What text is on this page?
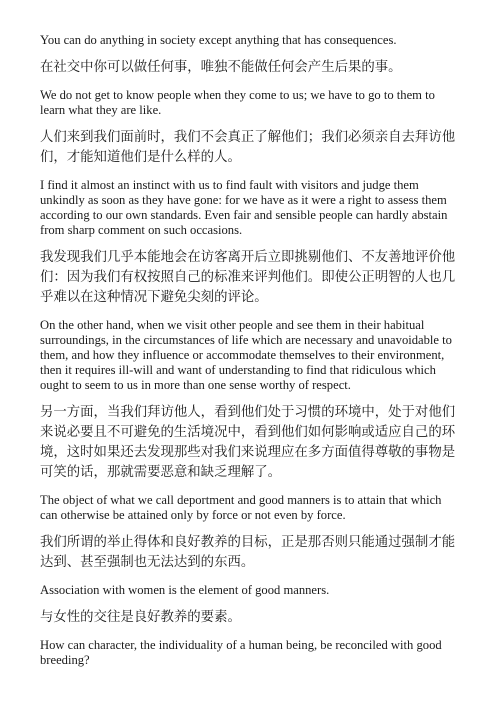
You can do anything in society except anything that has consequences.

在社交中你可以做任何事，唯独不能做任何会产生后果的事。

We do not get to know people when they come to us; we have to go to them to learn what they are like.

人们来到我们面前时，我们不会真正了解他们；我们必须亲自去拜访他们，才能知道他们是什么样的人。

I find it almost an instinct with us to find fault with visitors and judge them unkindly as soon as they have gone: for we have as it were a right to assess them according to our own standards. Even fair and sensible people can hardly abstain from sharp comment on such occasions.

我发现我们几乎本能地会在访客离开后立即挑剔他们、不友善地评价他们：因为我们有权按照自己的标准来评判他们。即使公正明智的人也几乎难以在这种情况下避免尖刻的评论。

On the other hand, when we visit other people and see them in their habitual surroundings, in the circumstances of life which are necessary and unavoidable to them, and how they influence or accommodate themselves to their environment, then it requires ill-will and want of understanding to find that ridiculous which ought to seem to us in more than one sense worthy of respect.

另一方面，当我们拜访他人，看到他们处于习惯的环境中，处于对他们来说必要且不可避免的生活境况中，看到他们如何影响或适应自己的环境，这时如果还去发现那些对我们来说理应在多方面值得尊敬的事物是可笑的话，那就需要恶意和缺乏理解了。

The object of what we call deportment and good manners is to attain that which can otherwise be attained only by force or not even by force.

我们所谓的举止得体和良好教养的目标，正是那否则只能通过强制才能达到、甚至强制也无法达到的东西。

Association with women is the element of good manners.

与女性的交往是良好教养的要素。

How can character, the individuality of a human being, be reconciled with good breeding?
